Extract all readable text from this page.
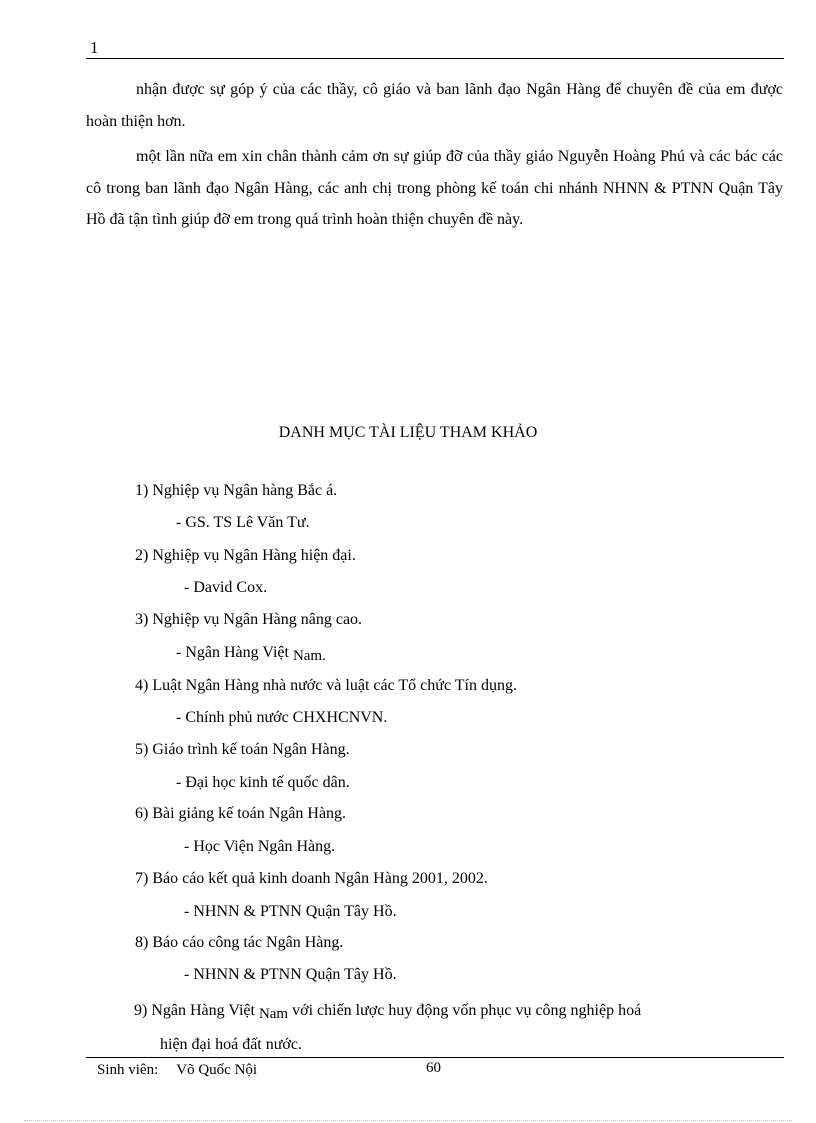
1
nhận được sự góp ý của các thầy, cô giáo và ban lãnh đạo Ngân Hàng để chuyên đề của em được hoàn thiện hơn.
một lần nữa em xin chân thành cảm ơn sự giúp đỡ của thầy giáo Nguyễn Hoàng Phú và các bác các cô trong ban lãnh đạo Ngân Hàng, các anh chị trong phòng kế toán chi nhánh NHNN & PTNN Quận Tây Hồ đã tận tình giúp đỡ em trong quá trình hoàn thiện chuyên đề này.
DANH MỤC TÀI LIỆU THAM KHẢO
1) Nghiệp vụ Ngân hàng Bắc á.
- GS. TS Lê Văn Tư.
2) Nghiệp vụ Ngân Hàng hiện đại.
- David Cox.
3) Nghiệp vụ Ngân Hàng nâng cao.
- Ngân Hàng Việt Nam.
4) Luật Ngân Hàng nhà nước và luật các Tổ chức Tín dụng.
- Chính phủ nước CHXHCNVN.
5) Giáo trình kế toán Ngân Hàng.
- Đại học kinh tế quốc dân.
6) Bài giảng kế toán Ngân Hàng.
- Học Viện Ngân Hàng.
7) Báo cáo kết quả kinh doanh Ngân Hàng 2001, 2002.
- NHNN & PTNN Quận Tây Hồ.
8) Báo cáo công tác Ngân Hàng.
- NHNN & PTNN Quận Tây Hồ.
9) Ngân Hàng Việt Nam với chiến lược huy động vốn phục vụ công nghiệp hoá
hiện đại hoá đất nước.
Sinh viên: Võ Quốc Nội	60
